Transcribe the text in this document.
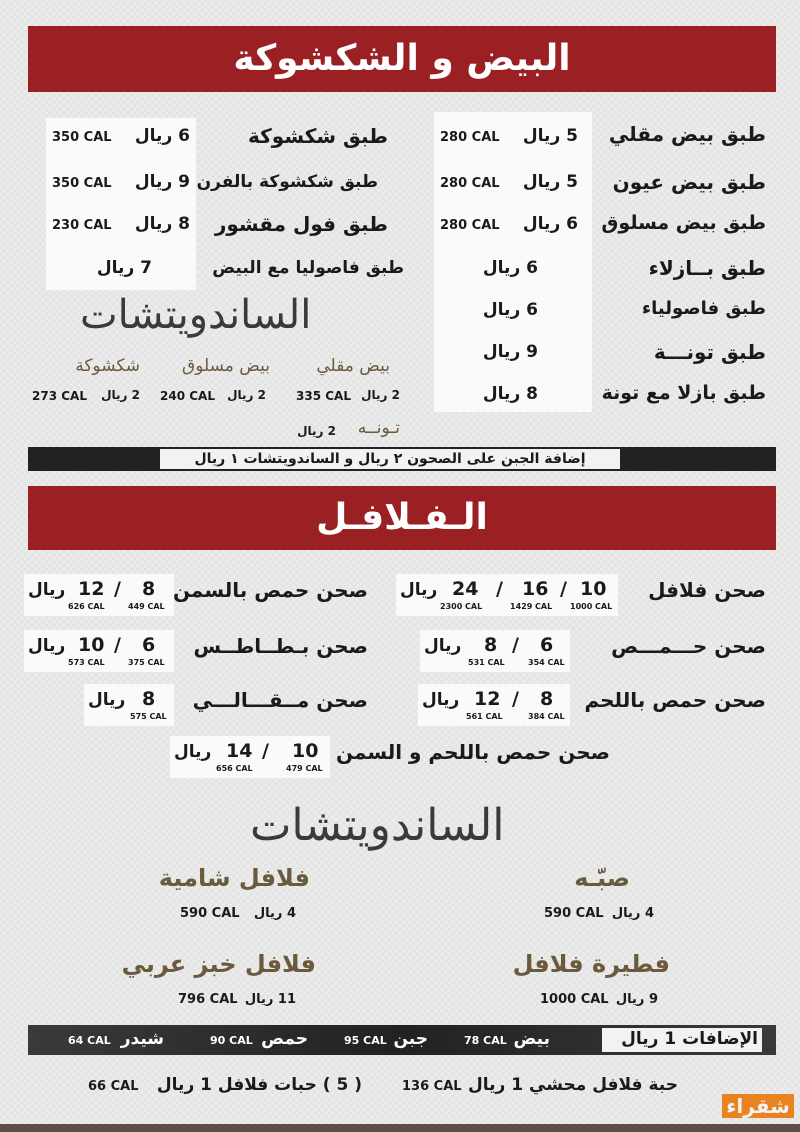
البيض و الشكشوكة
طبق بيض مقلي
5 ريال
280 CAL
طبق بيض عيون
5 ريال
280 CAL
طبق بيض مسلوق
6 ريال
280 CAL
طبق بــازلاء
6 ريال
طبق فاصولياء
6 ريال
طبق تونـــة
9 ريال
طبق بازلا مع تونة
8 ريال
طبق شكشوكة
6 ريال
350 CAL
طبق شكشوكة بالفرن
9 ريال
350 CAL
طبق فول مقشور
8 ريال
230 CAL
طبق فاصوليا مع البيض
7 ريال
الساندويتشات
بيض مقلي
2 ريال
335 CAL
بيض مسلوق
2 ريال
240 CAL
شكشوكة
2 ريال
273 CAL
تـونــه
2 ريال
إضافة الجبن على الصحون ٢ ريال و الساندويتشات ١ ريال
الـفـلافـل
صحن فلافل
10
/
16
/
24
ريال
1000 CAL
1429 CAL
2300 CAL
صحن حمص بالسمن
8
/
12
ريال
449 CAL
626 CAL
صحن حـــمـــص
6
/
8
ريال
354 CAL
531 CAL
صحن بـطــاطــس
6
/
10
ريال
375 CAL
573 CAL
صحن حمص باللحم
8
/
12
ريال
384 CAL
561 CAL
صحن مــقـــالـــي
8
ريال
575 CAL
صحن حمص باللحم و السمن
10
/
14
ريال
479 CAL
656 CAL
الساندويتشات
صبّـه
4 ريال
590 CAL
فلافل شامية
4 ريال
590 CAL
فطيرة فلافل
9 ريال
1000 CAL
فلافل خبز عربي
11 ريال
796 CAL
الإضافات 1 ريال
بيض
78 CAL
جبن
95 CAL
حمص
90 CAL
شيدر
64 CAL
حبة فلافل محشي 1 ريال
136 CAL
( 5 ) حبات فلافل 1 ريال
66 CAL
شقراء
